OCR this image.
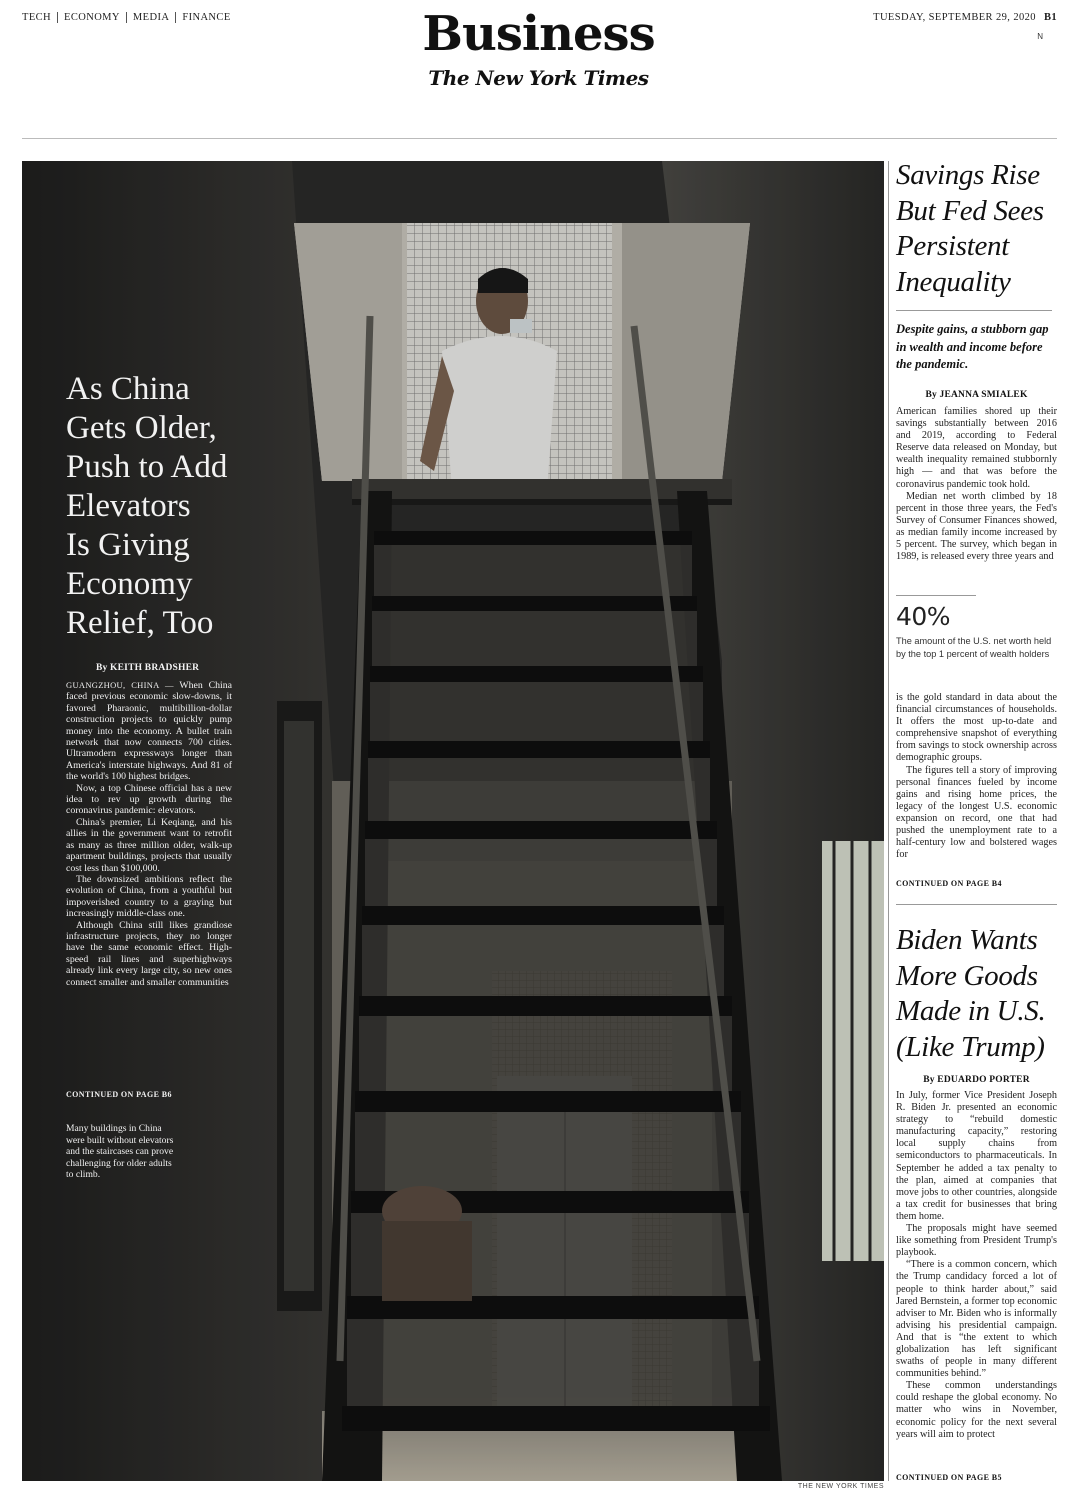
TECH	ECONOMY	MEDIA	FINANCE	TUESDAY, SEPTEMBER 29, 2020 B1
N
Business
The New York Times
As China
Gets Older,
Push to Add
Elevators
Is Giving
Economy
Relief, Too
By KEITH BRADSHER

GUANGZHOU, CHINA — When China faced previous economic slow-downs, it favored Pharaonic, multibillion-dollar construction projects to quickly pump money into the economy. A bullet train network that now connects 700 cities. Ultramodern expressways longer than America's interstate highways. And 81 of the world's 100 highest bridges.

Now, a top Chinese official has a new idea to rev up growth during the coronavirus pandemic: elevators.

China's premier, Li Keqiang, and his allies in the government want to retrofit as many as three million older, walk-up apartment buildings, projects that usually cost less than $100,000.

The downsized ambitions reflect the evolution of China, from a youthful but impoverished country to a graying but increasingly middle-class one.

Although China still likes grandiose infrastructure projects, they no longer have the same economic effect. High-speed rail lines and superhighways already link every large city, so new ones connect smaller and smaller communities

CONTINUED ON PAGE B6
Many buildings in China were built without elevators and the staircases can prove challenging for older adults to climb.
THE NEW YORK TIMES
Savings Rise
But Fed Sees
Persistent
Inequality
Despite gains, a stubborn gap in wealth and income before the pandemic.
By JEANNA SMIALEK

American families shored up their savings substantially between 2016 and 2019, according to Federal Reserve data released on Monday, but wealth inequality remained stubbornly high — and that was before the coronavirus pandemic took hold.

Median net worth climbed by 18 percent in those three years, the Fed's Survey of Consumer Finances showed, as median family income increased by 5 percent. The survey, which began in 1989, is released every three years and

40%
The amount of the U.S. net worth held by the top 1 percent of wealth holders

is the gold standard in data about the financial circumstances of households. It offers the most up-to-date and comprehensive snapshot of everything from savings to stock ownership across demographic groups.

The figures tell a story of improving personal finances fueled by income gains and rising home prices, the legacy of the longest U.S. economic expansion on record, one that had pushed the unemployment rate to a half-century low and bolstered wages for

CONTINUED ON PAGE B4
Biden Wants
More Goods
Made in U.S.
(Like Trump)
By EDUARDO PORTER

In July, former Vice President Joseph R. Biden Jr. presented an economic strategy to “rebuild domestic manufacturing capacity,” restoring local supply chains from semiconductors to pharmaceuticals. In September he added a tax penalty to the plan, aimed at companies that move jobs to other countries, alongside a tax credit for businesses that bring them home.

The proposals might have seemed like something from President Trump's playbook.

“There is a common concern, which the Trump candidacy forced a lot of people to think harder about,” said Jared Bernstein, a former top economic adviser to Mr. Biden who is informally advising his presidential campaign. And that is “the extent to which globalization has left significant swaths of people in many different communities behind.”

These common understandings could reshape the global economy. No matter who wins in November, economic policy for the next several years will aim to protect

CONTINUED ON PAGE B5
